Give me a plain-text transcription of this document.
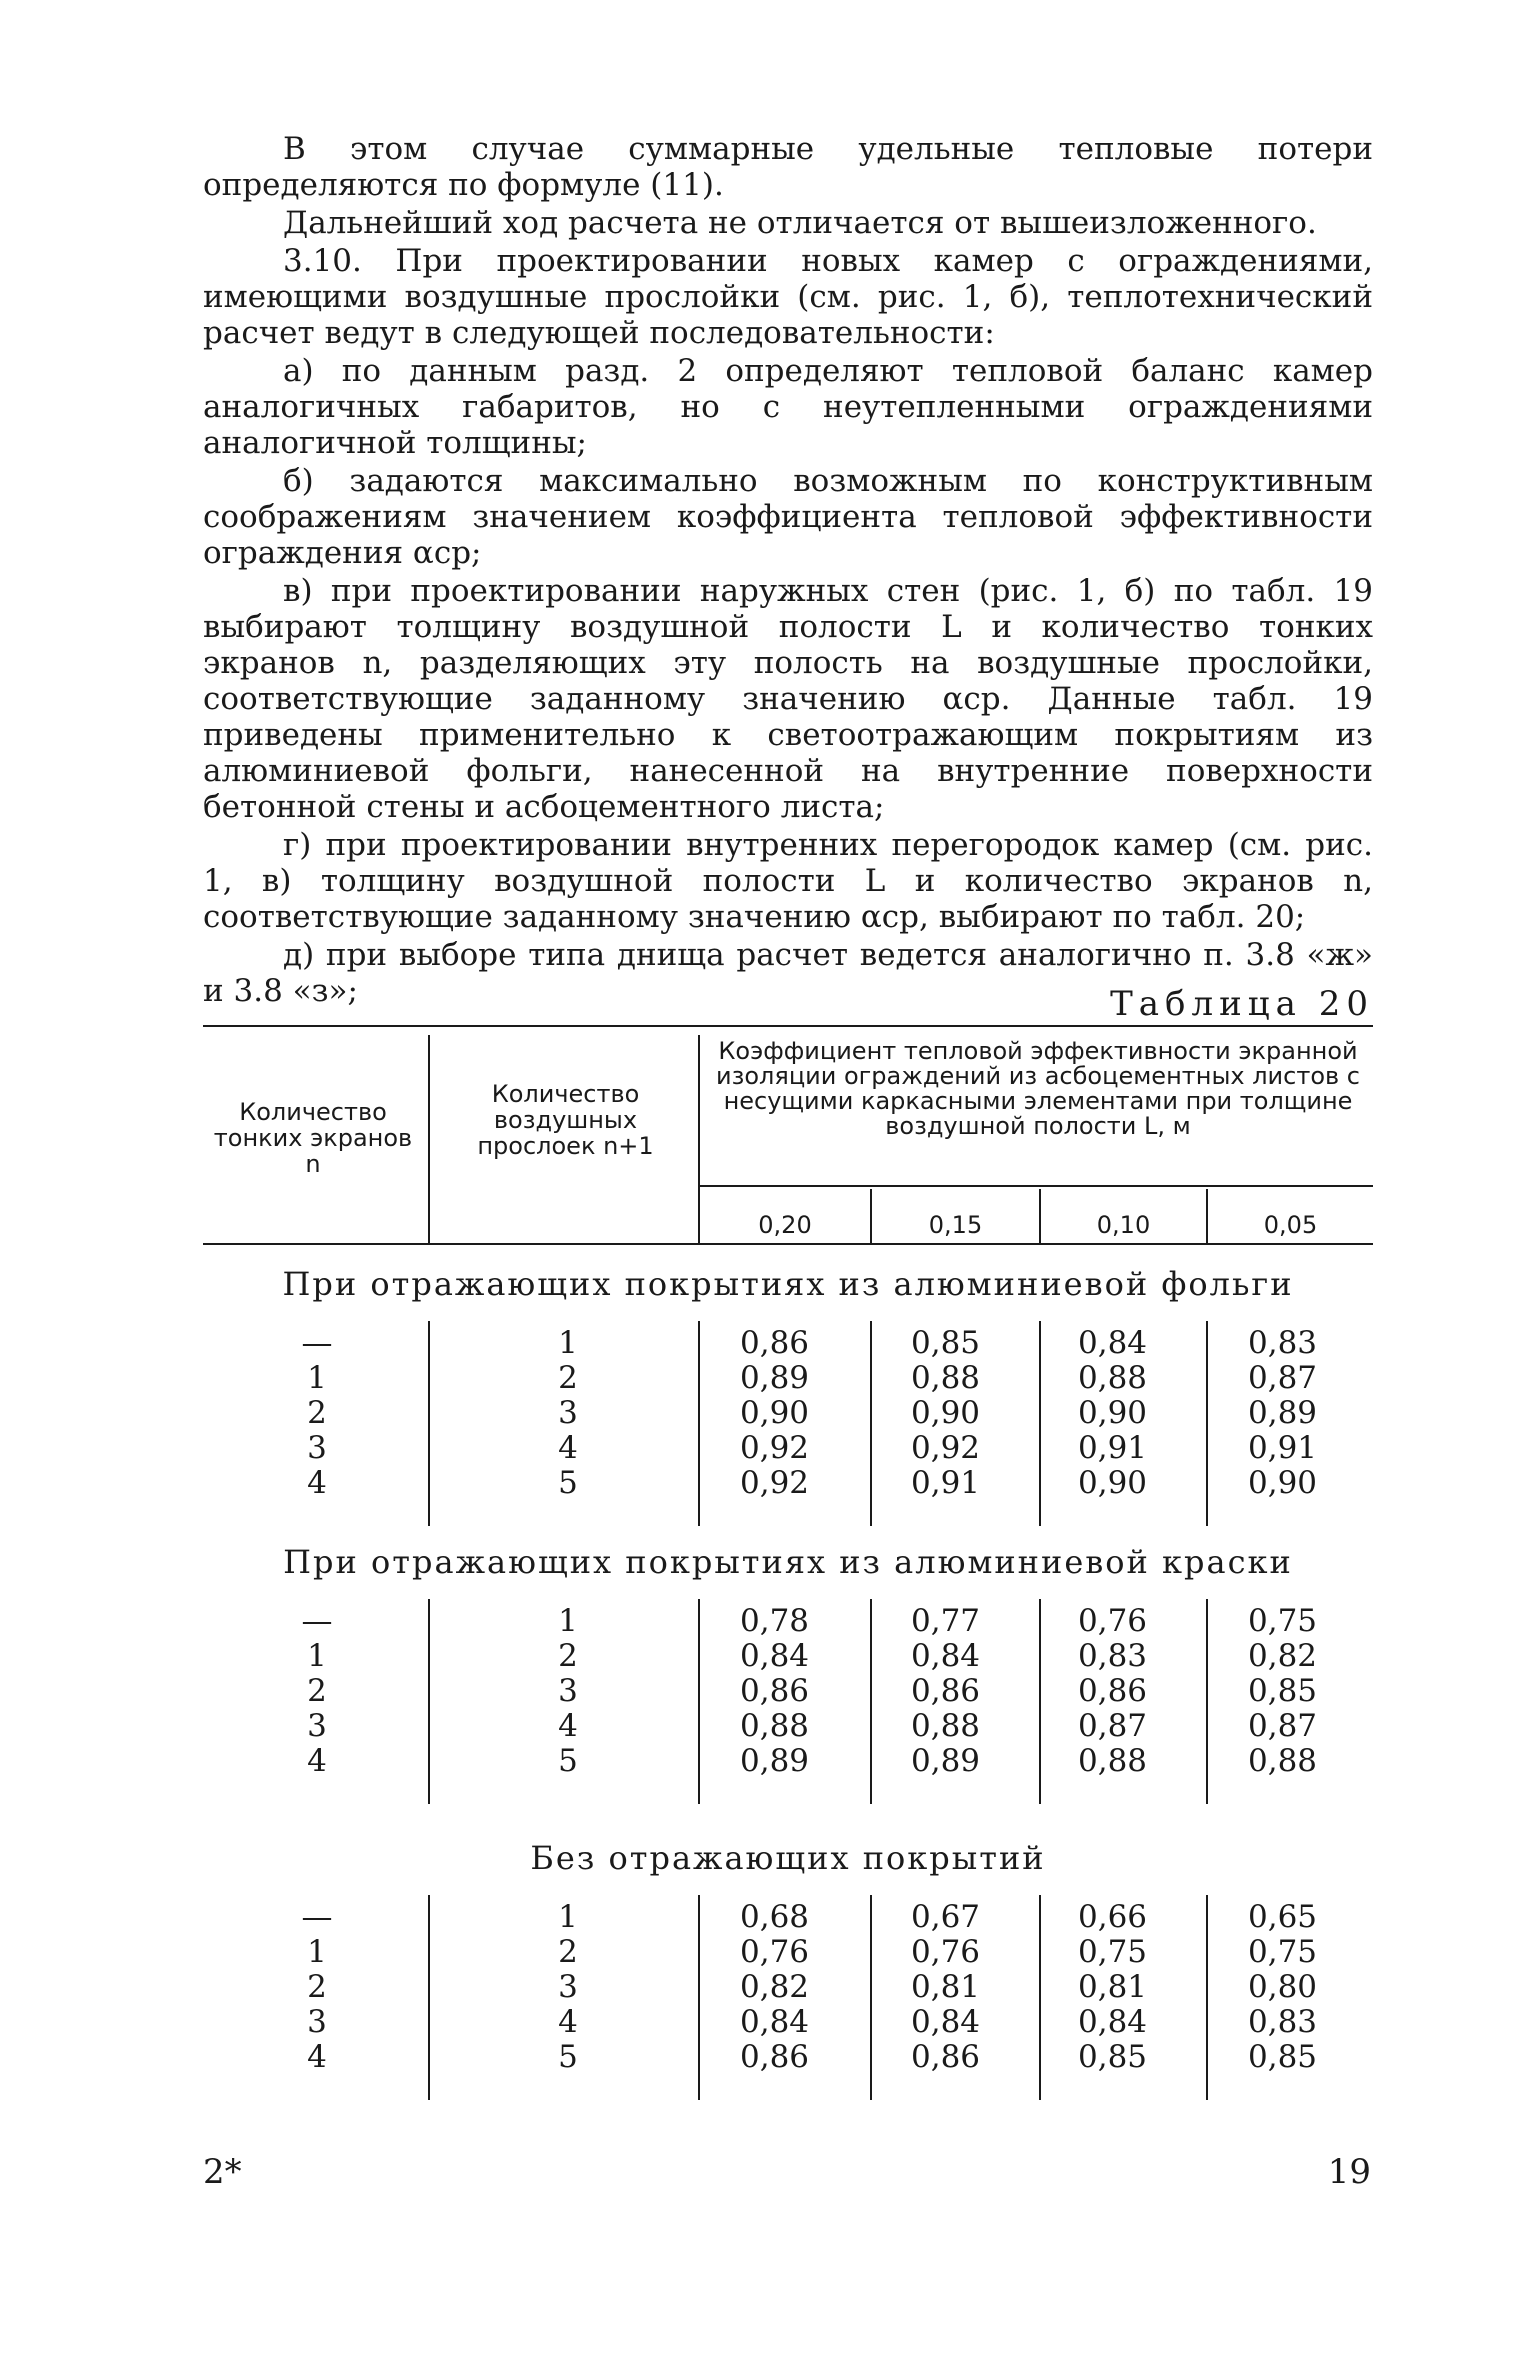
В этом случае суммарные удельные тепловые потери определяются по формуле (11).

Дальнейший ход расчета не отличается от вышеизложенного.

3.10. При проектировании новых камер с ограждениями, имеющими воздушные прослойки (см. рис. 1, б), теплотехнический расчет ведут в следующей последовательности:

а) по данным разд. 2 определяют тепловой баланс камер аналогичных габаритов, но с неутепленными ограждениями аналогичной толщины;

б) задаются максимально возможным по конструктивным соображениям значением коэффициента тепловой эффективности ограждения αср;

в) при проектировании наружных стен (рис. 1, б) по табл. 19 выбирают толщину воздушной полости L и количество тонких экранов n, разделяющих эту полость на воздушные прослойки, соответствующие заданному значению αср. Данные табл. 19 приведены применительно к светоотражающим покрытиям из алюминиевой фольги, нанесенной на внутренние поверхности бетонной стены и асбоцементного листа;

г) при проектировании внутренних перегородок камер (см. рис. 1, в) толщину воздушной полости L и количество экранов n, соответствующие заданному значению αср, выбирают по табл. 20;

д) при выборе типа днища расчет ведется аналогично п. 3.8 «ж» и 3.8 «з»;	Таблица 20
Количество тонких экранов n
Количество воздушных прослоек n+1
Коэффициент тепловой эффективности экранной изоляции ограждений из асбоцементных листов с несущими каркасными элементами при толщине воздушной полости L, м
0,20	0,15	0,10	0,05
При отражающих покрытиях из алюминиевой фольги
—	1	0,86	0,85	0,84	0,83
1	2	0,89	0,88	0,88	0,87
2	3	0,90	0,90	0,90	0,89
3	4	0,92	0,92	0,91	0,91
4	5	0,92	0,91	0,90	0,90
При отражающих покрытиях из алюминиевой краски
—	1	0,78	0,77	0,76	0,75
1	2	0,84	0,84	0,83	0,82
2	3	0,86	0,86	0,86	0,85
3	4	0,88	0,88	0,87	0,87
4	5	0,89	0,89	0,88	0,88
Без отражающих покрытий
—	1	0,68	0,67	0,66	0,65
1	2	0,76	0,76	0,75	0,75
2	3	0,82	0,81	0,81	0,80
3	4	0,84	0,84	0,84	0,83
4	5	0,86	0,86	0,85	0,85
2*	19
